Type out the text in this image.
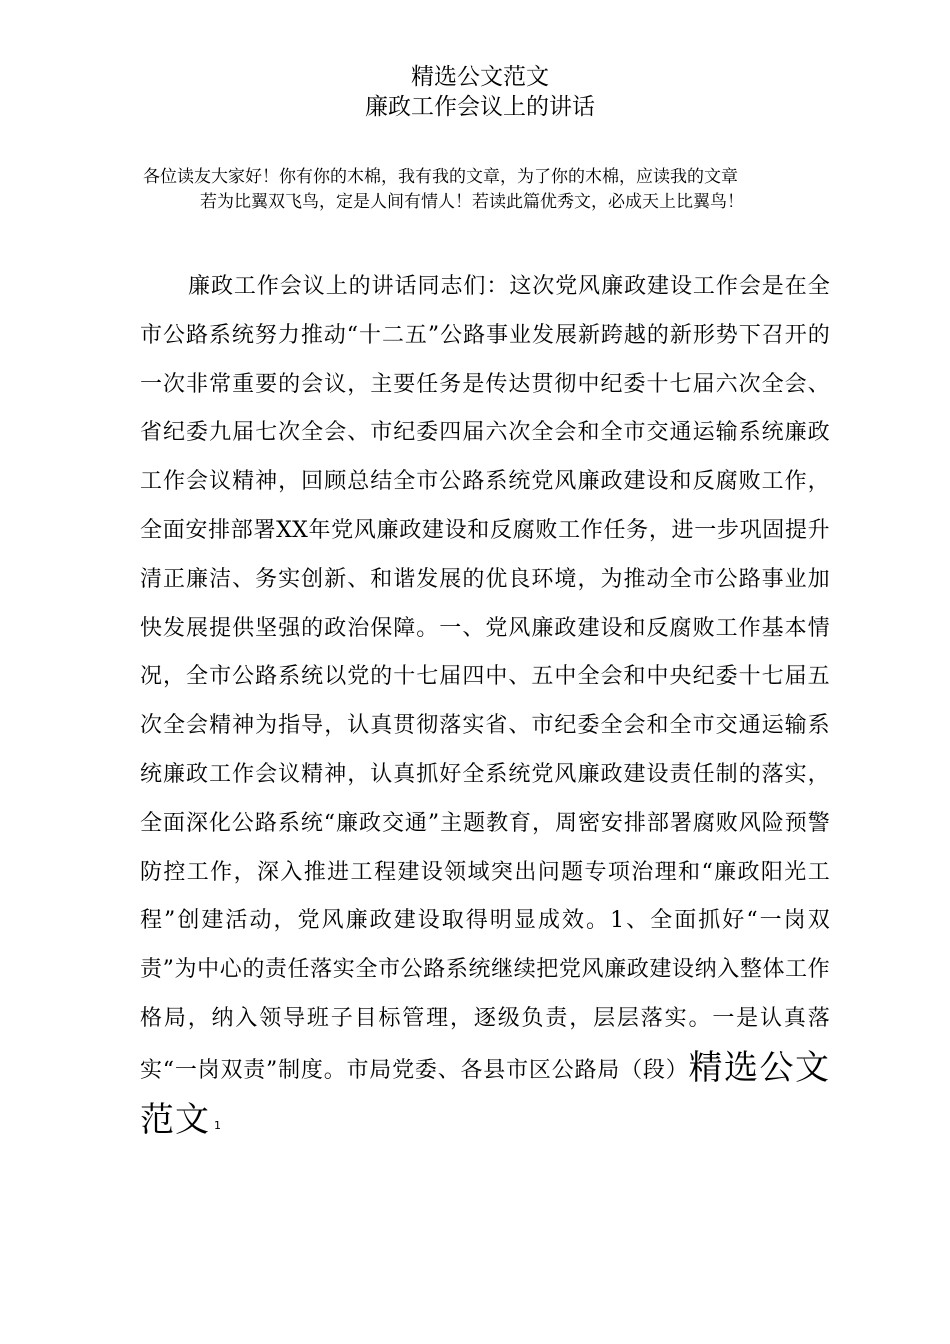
精选公文范文
廉政工作会议上的讲话
各位读友大家好！你有你的木棉，我有我的文章，为了你的木棉，应读我的文章
若为比翼双飞鸟，定是人间有情人！若读此篇优秀文，必成天上比翼鸟！

廉政工作会议上的讲话同志们：这次党风廉政建设工作会是在全市公路系统努力推动“十二五”公路事业发展新跨越的新形势下召开的一次非常重要的会议，主要任务是传达贯彻中纪委十七届六次全会、省纪委九届七次全会、市纪委四届六次全会和全市交通运输系统廉政工作会议精神，回顾总结全市公路系统党风廉政建设和反腐败工作，全面安排部署XX年党风廉政建设和反腐败工作任务，进一步巩固提升清正廉洁、务实创新、和谐发展的优良环境，为推动全市公路事业加快发展提供坚强的政治保障。一、党风廉政建设和反腐败工作基本情况，全市公路系统以党的十七届四中、五中全会和中央纪委十七届五次全会精神为指导，认真贯彻落实省、市纪委全会和全市交通运输系统廉政工作会议精神，认真抓好全系统党风廉政建设责任制的落实，全面深化公路系统“廉政交通”主题教育，周密安排部署腐败风险预警防控工作，深入推进工程建设领域突出问题专项治理和“廉政阳光工程”创建活动，党风廉政建设取得明显成效。1、全面抓好“一岗双责”为中心的责任落实全市公路系统继续把党风廉政建设纳入整体工作格局，纳入领导班子目标管理，逐级负责，层层落实。一是认真落实“一岗双责”制度。市局党委、各县市区公路局（段）精选公文范文 1
